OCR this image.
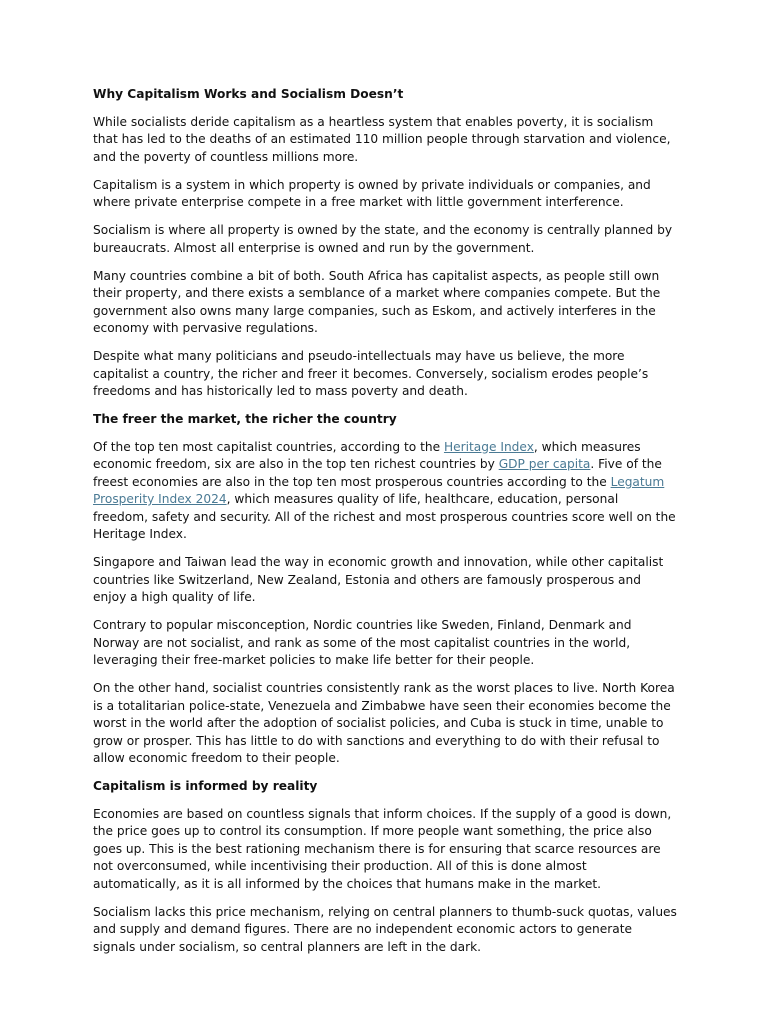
Why Capitalism Works and Socialism Doesn’t

While socialists deride capitalism as a heartless system that enables poverty, it is socialism that has led to the deaths of an estimated 110 million people through starvation and violence, and the poverty of countless millions more.

Capitalism is a system in which property is owned by private individuals or companies, and where private enterprise compete in a free market with little government interference.

Socialism is where all property is owned by the state, and the economy is centrally planned by bureaucrats. Almost all enterprise is owned and run by the government.

Many countries combine a bit of both. South Africa has capitalist aspects, as people still own their property, and there exists a semblance of a market where companies compete. But the government also owns many large companies, such as Eskom, and actively interferes in the economy with pervasive regulations.

Despite what many politicians and pseudo-intellectuals may have us believe, the more capitalist a country, the richer and freer it becomes. Conversely, socialism erodes people’s freedoms and has historically led to mass poverty and death.

The freer the market, the richer the country

Of the top ten most capitalist countries, according to the Heritage Index, which measures economic freedom, six are also in the top ten richest countries by GDP per capita. Five of the freest economies are also in the top ten most prosperous countries according to the Legatum Prosperity Index 2024, which measures quality of life, healthcare, education, personal freedom, safety and security. All of the richest and most prosperous countries score well on the Heritage Index.

Singapore and Taiwan lead the way in economic growth and innovation, while other capitalist countries like Switzerland, New Zealand, Estonia and others are famously prosperous and enjoy a high quality of life.

Contrary to popular misconception, Nordic countries like Sweden, Finland, Denmark and Norway are not socialist, and rank as some of the most capitalist countries in the world, leveraging their free-market policies to make life better for their people.

On the other hand, socialist countries consistently rank as the worst places to live. North Korea is a totalitarian police-state, Venezuela and Zimbabwe have seen their economies become the worst in the world after the adoption of socialist policies, and Cuba is stuck in time, unable to grow or prosper. This has little to do with sanctions and everything to do with their refusal to allow economic freedom to their people.

Capitalism is informed by reality

Economies are based on countless signals that inform choices. If the supply of a good is down, the price goes up to control its consumption. If more people want something, the price also goes up. This is the best rationing mechanism there is for ensuring that scarce resources are not overconsumed, while incentivising their production. All of this is done almost automatically, as it is all informed by the choices that humans make in the market.

Socialism lacks this price mechanism, relying on central planners to thumb-suck quotas, values and supply and demand figures. There are no independent economic actors to generate signals under socialism, so central planners are left in the dark.
